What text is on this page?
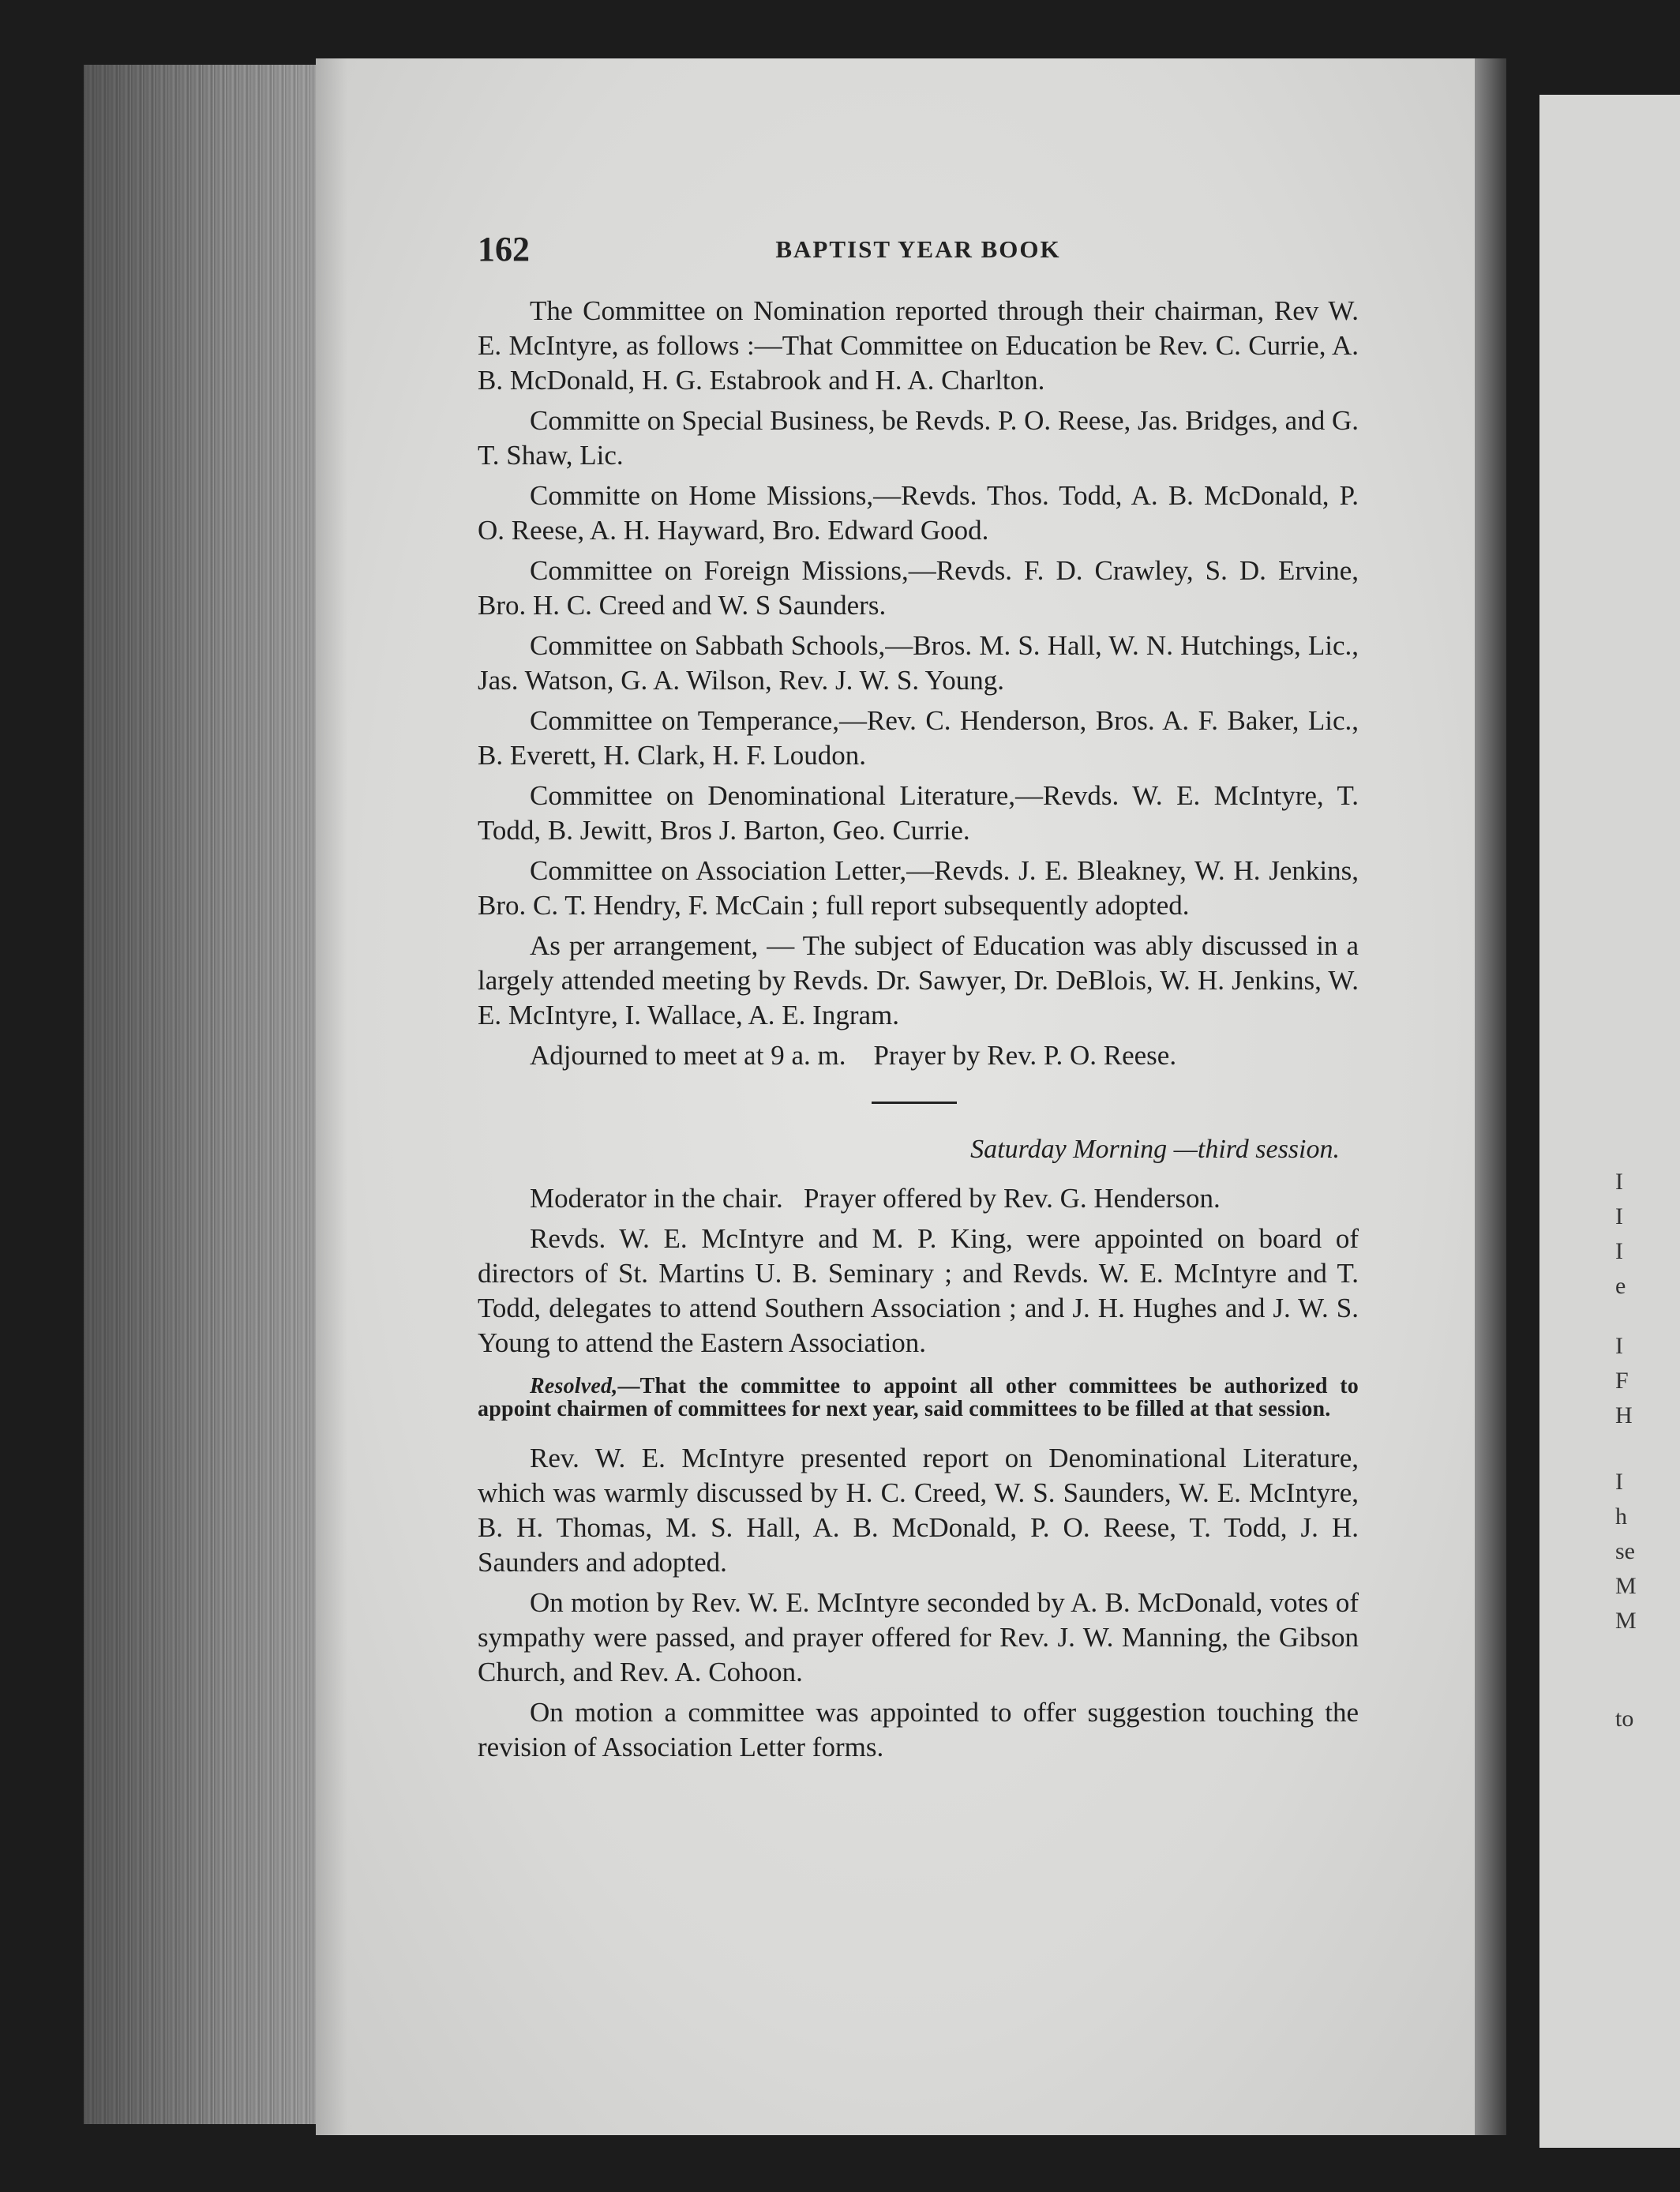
I
I
I
e
I
F
H
I
h
se
M
M
to
162	BAPTIST YEAR BOOK

The Committee on Nomination reported through their chairman, Rev W. E. McIntyre, as follows :—That Committee on Education be Rev. C. Currie, A. B. McDonald, H. G. Estabrook and H. A. Charlton.

Committe on Special Business, be Revds. P. O. Reese, Jas. Bridges, and G. T. Shaw, Lic.

Committe on Home Missions,—Revds. Thos. Todd, A. B. McDonald, P. O. Reese, A. H. Hayward, Bro. Edward Good.

Committee on Foreign Missions,—Revds. F. D. Crawley, S. D. Ervine, Bro. H. C. Creed and W. S Saunders.

Committee on Sabbath Schools,—Bros. M. S. Hall, W. N. Hutchings, Lic., Jas. Watson, G. A. Wilson, Rev. J. W. S. Young.

Committee on Temperance,—Rev. C. Henderson, Bros. A. F. Baker, Lic., B. Everett, H. Clark, H. F. Loudon.

Committee on Denominational Literature,—Revds. W. E. McIntyre, T. Todd, B. Jewitt, Bros J. Barton, Geo. Currie.

Committee on Association Letter,—Revds. J. E. Bleakney, W. H. Jenkins, Bro. C. T. Hendry, F. McCain ; full report subsequently adopted.

As per arrangement, — The subject of Education was ably discussed in a largely attended meeting by Revds. Dr. Sawyer, Dr. DeBlois, W. H. Jenkins, W. E. McIntyre, I. Wallace, A. E. Ingram.

Adjourned to meet at 9 a. m.    Prayer by Rev. P. O. Reese.

Saturday Morning —third session.

Moderator in the chair.   Prayer offered by Rev. G. Henderson.

Revds. W. E. McIntyre and M. P. King, were appointed on board of directors of St. Martins U. B. Seminary ; and Revds. W. E. McIntyre and T. Todd, delegates to attend Southern Association ; and J. H. Hughes and J. W. S. Young to attend the Eastern Association.

Resolved,—That the committee to appoint all other committees be authorized to appoint chairmen of committees for next year, said committees to be filled at that session.

Rev. W. E. McIntyre presented report on Denominational Literature, which was warmly discussed by H. C. Creed, W. S. Saunders, W. E. McIntyre, B. H. Thomas, M. S. Hall, A. B. McDonald, P. O. Reese, T. Todd, J. H. Saunders and adopted.

On motion by Rev. W. E. McIntyre seconded by A. B. McDonald, votes of sympathy were passed, and prayer offered for Rev. J. W. Manning, the Gibson Church, and Rev. A. Cohoon.

On motion a committee was appointed to offer suggestion touching the revision of Association Letter forms.
